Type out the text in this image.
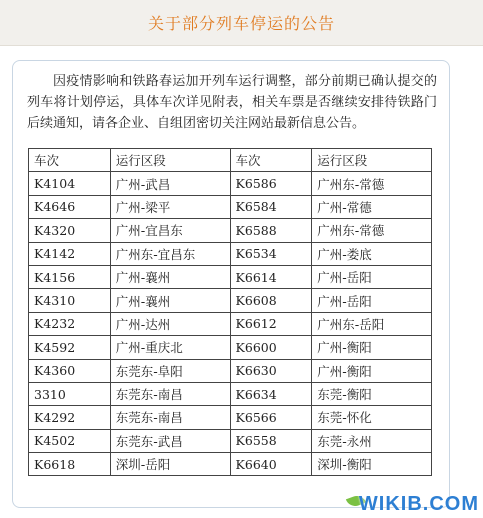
关于部分列车停运的公告

因疫情影响和铁路春运加开列车运行调整，部分前期已确认提交的列车将计划停运，具体车次详见附表，相关车票是否继续安排待铁路门后续通知，请各企业、自组团密切关注网站最新信息公告。

车次	运行区段	车次	运行区段
K4104	广州-武昌	K6586	广州东-常德
K4646	广州-梁平	K6584	广州-常德
K4320	广州-宜昌东	K6588	广州东-常德
K4142	广州东-宜昌东	K6534	广州-娄底
K4156	广州-襄州	K6614	广州-岳阳
K4310	广州-襄州	K6608	广州-岳阳
K4232	广州-达州	K6612	广州东-岳阳
K4592	广州-重庆北	K6600	广州-衡阳
K4360	东莞东-阜阳	K6630	广州-衡阳
3310	东莞东-南昌	K6634	东莞-衡阳
K4292	东莞东-南昌	K6566	东莞-怀化
K4502	东莞东-武昌	K6558	东莞-永州
K6618	深圳-岳阳	K6640	深圳-衡阳
WIKIB.COM
